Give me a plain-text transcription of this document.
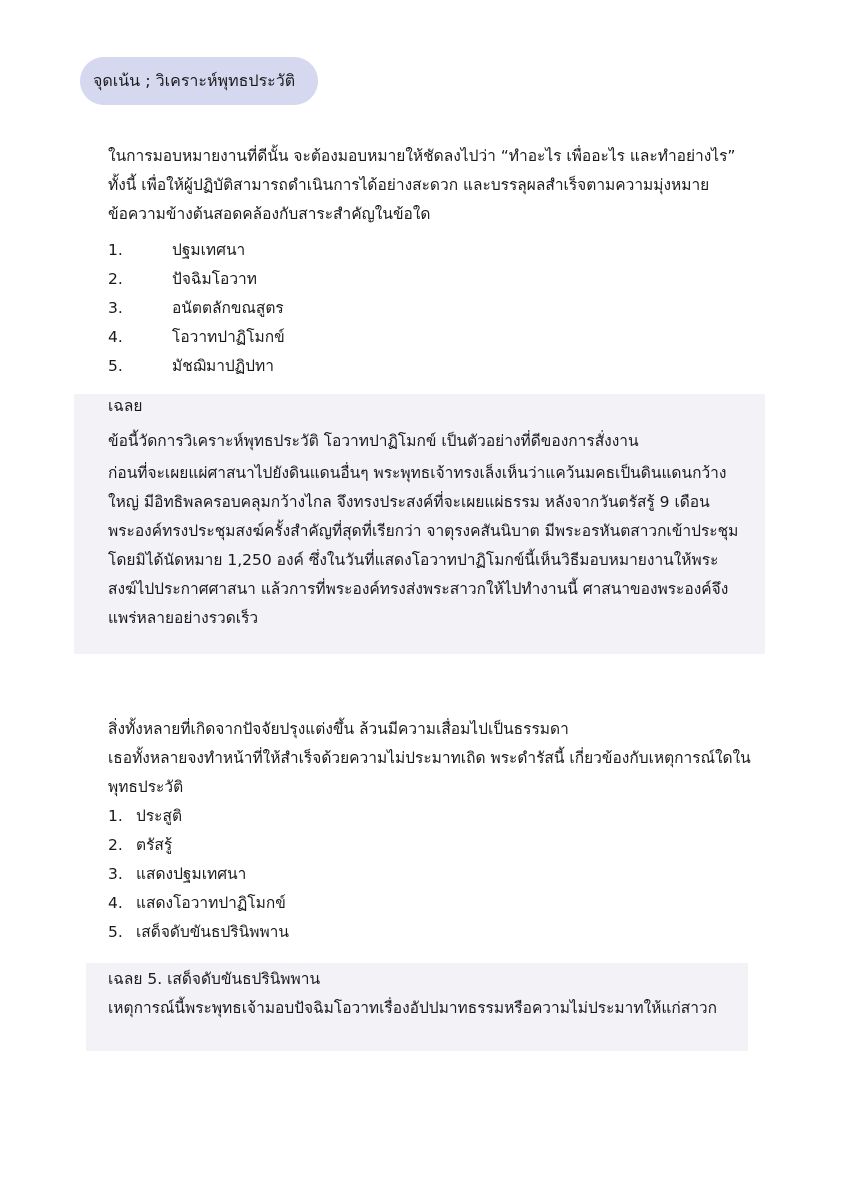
จุดเน้น ; วิเคราะห์พุทธประวัติ
ในการมอบหมายงานที่ดีนั้น จะต้องมอบหมายให้ชัดลงไปว่า “ทำอะไร เพื่ออะไร และทำอย่างไร”
ทั้งนี้ เพื่อให้ผู้ปฏิบัติสามารถดำเนินการได้อย่างสะดวก และบรรลุผลสำเร็จตามความมุ่งหมาย
ข้อความข้างต้นสอดคล้องกับสาระสำคัญในข้อใด
1.	ปฐมเทศนา
2.	ปัจฉิมโอวาท
3.	อนัตตลักขณสูตร
4.	โอวาทปาฏิโมกข์
5.	มัชฌิมาปฏิปทา
เฉลย
ข้อนี้วัดการวิเคราะห์พุทธประวัติ โอวาทปาฏิโมกข์ เป็นตัวอย่างที่ดีของการสั่งงาน
ก่อนที่จะเผยแผ่ศาสนาไปยังดินแดนอื่นๆ พระพุทธเจ้าทรงเล็งเห็นว่าแคว้นมคธเป็นดินแดนกว้าง
ใหญ่ มีอิทธิพลครอบคลุมกว้างไกล จึงทรงประสงค์ที่จะเผยแผ่ธรรม หลังจากวันตรัสรู้ 9 เดือน
พระองค์ทรงประชุมสงฆ์ครั้งสำคัญที่สุดที่เรียกว่า จาตุรงคสันนิบาต มีพระอรหันตสาวกเข้าประชุม
โดยมิได้นัดหมาย 1,250 องค์ ซึ่งในวันที่แสดงโอวาทปาฏิโมกข์นี้เห็นวิธีมอบหมายงานให้พระ
สงฆ์ไปประกาศศาสนา แล้วการที่พระองค์ทรงส่งพระสาวกให้ไปทำงานนี้ ศาสนาของพระองค์จึง
แพร่หลายอย่างรวดเร็ว
สิ่งทั้งหลายที่เกิดจากปัจจัยปรุงแต่งขึ้น ล้วนมีความเสื่อมไปเป็นธรรมดา
เธอทั้งหลายจงทำหน้าที่ให้สำเร็จด้วยความไม่ประมาทเถิด พระดำรัสนี้ เกี่ยวข้องกับเหตุการณ์ใดใน
พุทธประวัติ
1. ประสูติ
2. ตรัสรู้
3. แสดงปฐมเทศนา
4. แสดงโอวาทปาฏิโมกข์
5. เสด็จดับขันธปรินิพพาน
เฉลย 5. เสด็จดับขันธปรินิพพาน
เหตุการณ์นี้พระพุทธเจ้ามอบปัจฉิมโอวาทเรื่องอัปปมาทธรรมหรือความไม่ประมาทให้แก่สาวก
